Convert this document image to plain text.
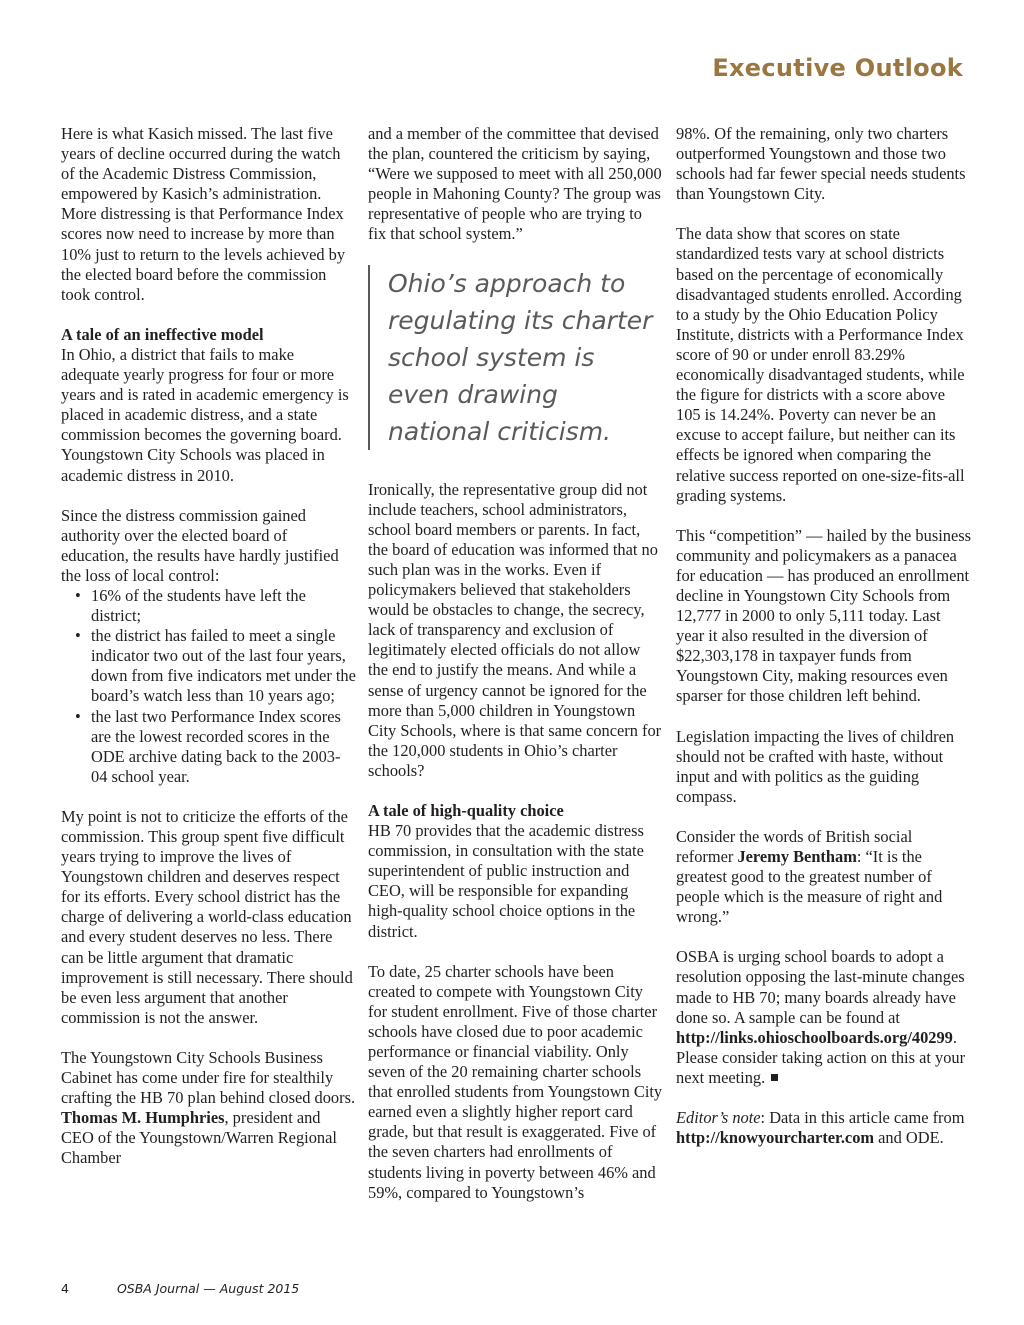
Executive Outlook

Here is what Kasich missed. The last five years of decline occurred during the watch of the Academic Distress Commission, empowered by Kasich’s administration. More distressing is that Performance Index scores now need to increase by more than 10% just to return to the levels achieved by the elected board before the commission took control.

A tale of an ineffective model

In Ohio, a district that fails to make adequate yearly progress for four or more years and is rated in academic emergency is placed in academic distress, and a state commission becomes the governing board. Youngstown City Schools was placed in academic distress in 2010.

Since the distress commission gained authority over the elected board of education, the results have hardly justified the loss of local control:

• 16% of the students have left the district;
• the district has failed to meet a single indicator two out of the last four years, down from five indicators met under the board’s watch less than 10 years ago;
• the last two Performance Index scores are the lowest recorded scores in the ODE archive dating back to the 2003-04 school year.

My point is not to criticize the efforts of the commission. This group spent five difficult years trying to improve the lives of Youngstown children and deserves respect for its efforts. Every school district has the charge of delivering a world-class education and every student deserves no less. There can be little argument that dramatic improvement is still necessary. There should be even less argument that another commission is not the answer.

The Youngstown City Schools Business Cabinet has come under fire for stealthily crafting the HB 70 plan behind closed doors. Thomas M. Humphries, president and CEO of the Youngstown/Warren Regional Chamber

and a member of the committee that devised the plan, countered the criticism by saying, “Were we supposed to meet with all 250,000 people in Mahoning County? The group was representative of people who are trying to fix that school system.”

Ohio’s approach to regulating its charter school system is even drawing national criticism.

Ironically, the representative group did not include teachers, school administrators, school board members or parents. In fact, the board of education was informed that no such plan was in the works. Even if policymakers believed that stakeholders would be obstacles to change, the secrecy, lack of transparency and exclusion of legitimately elected officials do not allow the end to justify the means. And while a sense of urgency cannot be ignored for the more than 5,000 children in Youngstown City Schools, where is that same concern for the 120,000 students in Ohio’s charter schools?

A tale of high-quality choice

HB 70 provides that the academic distress commission, in consultation with the state superintendent of public instruction and CEO, will be responsible for expanding high-quality school choice options in the district.

To date, 25 charter schools have been created to compete with Youngstown City for student enrollment. Five of those charter schools have closed due to poor academic performance or financial viability. Only seven of the 20 remaining charter schools that enrolled students from Youngstown City earned even a slightly higher report card grade, but that result is exaggerated. Five of the seven charters had enrollments of students living in poverty between 46% and 59%, compared to Youngstown’s

98%. Of the remaining, only two charters outperformed Youngstown and those two schools had far fewer special needs students than Youngstown City.

The data show that scores on state standardized tests vary at school districts based on the percentage of economically disadvantaged students enrolled. According to a study by the Ohio Education Policy Institute, districts with a Performance Index score of 90 or under enroll 83.29% economically disadvantaged students, while the figure for districts with a score above 105 is 14.24%. Poverty can never be an excuse to accept failure, but neither can its effects be ignored when comparing the relative success reported on one-size-fits-all grading systems.

This “competition” — hailed by the business community and policymakers as a panacea for education — has produced an enrollment decline in Youngstown City Schools from 12,777 in 2000 to only 5,111 today. Last year it also resulted in the diversion of $22,303,178 in taxpayer funds from Youngstown City, making resources even sparser for those children left behind.

Legislation impacting the lives of children should not be crafted with haste, without input and with politics as the guiding compass.

Consider the words of British social reformer Jeremy Bentham: “It is the greatest good to the greatest number of people which is the measure of right and wrong.”

OSBA is urging school boards to adopt a resolution opposing the last-minute changes made to HB 70; many boards already have done so. A sample can be found at http://links.ohioschoolboards.org/40299. Please consider taking action on this at your next meeting.

Editor’s note: Data in this article came from http://knowyourcharter.com and ODE.

4	OSBA Journal — August 2015
